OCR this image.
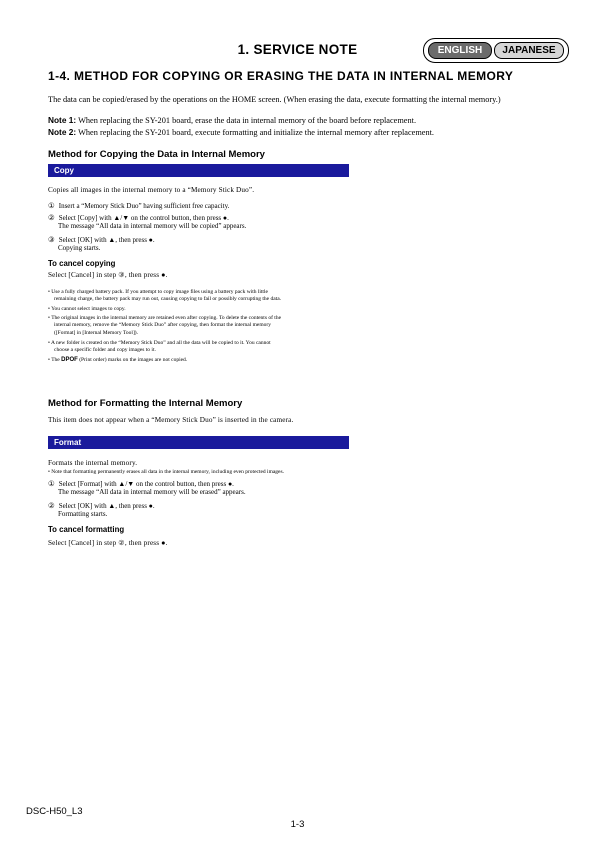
1. SERVICE NOTE	ENGLISH	JAPANESE
1-4. METHOD FOR COPYING OR ERASING THE DATA IN INTERNAL MEMORY
The data can be copied/erased by the operations on the HOME screen. (When erasing the data, execute formatting the internal memory.)
Note 1: When replacing the SY-201 board, erase the data in internal memory of the board before replacement.
Note 2: When replacing the SY-201 board, execute formatting and initialize the internal memory after replacement.
Method for Copying the Data in Internal Memory
Copy
Copies all images in the internal memory to a “Memory Stick Duo”.
① Insert a “Memory Stick Duo” having sufficient free capacity.
② Select [Copy] with ▲/▼ on the control button, then press ●.
The message “All data in internal memory will be copied” appears.
③ Select [OK] with ▲, then press ●.
Copying starts.
To cancel copying
Select [Cancel] in step ③, then press ●.
• Use a fully charged battery pack. If you attempt to copy image files using a battery pack with little
remaining charge, the battery pack may run out, causing copying to fail or possibly corrupting the data.
• You cannot select images to copy.
• The original images in the internal memory are retained even after copying. To delete the contents of the
internal memory, remove the “Memory Stick Duo” after copying, then format the internal memory
([Format] in [Internal Memory Tool]).
• A new folder is created on the “Memory Stick Duo” and all the data will be copied to it. You cannot
choose a specific folder and copy images to it.
• The DPOF (Print order) marks on the images are not copied.
Method for Formatting the Internal Memory
This item does not appear when a “Memory Stick Duo” is inserted in the camera.
Format
Formats the internal memory.
• Note that formatting permanently erases all data in the internal memory, including even protected images.
① Select [Format] with ▲/▼ on the control button, then press ●.
The message “All data in internal memory will be erased” appears.
② Select [OK] with ▲, then press ●.
Formatting starts.
To cancel formatting
Select [Cancel] in step ②, then press ●.
DSC-H50_L3
1-3
